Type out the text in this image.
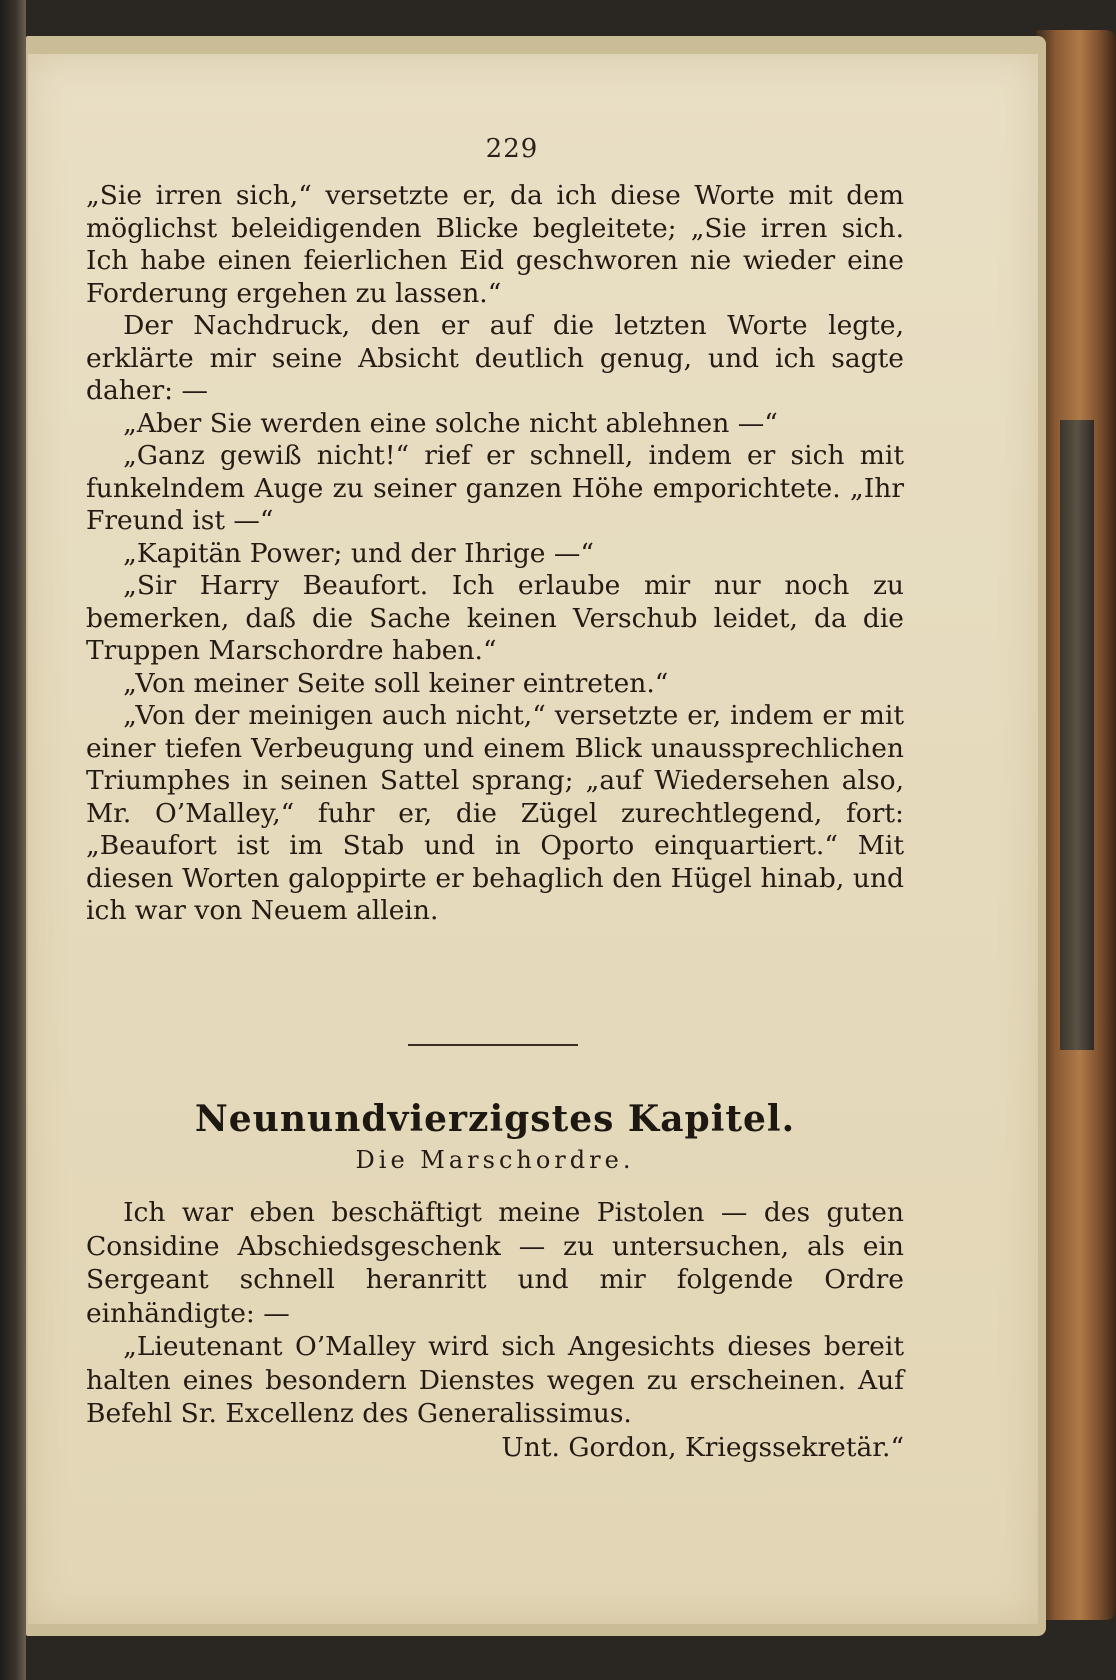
229

„Sie irren sich,“ versetzte er, da ich diese Worte mit dem möglichst beleidigenden Blicke begleitete; „Sie irren sich. Ich habe einen feierlichen Eid geschworen nie wieder eine Forderung ergehen zu lassen.“

Der Nachdruck, den er auf die letzten Worte legte, erklärte mir seine Absicht deutlich genug, und ich sagte daher: —

„Aber Sie werden eine solche nicht ablehnen —“

„Ganz gewiß nicht!“ rief er schnell, indem er sich mit funkelndem Auge zu seiner ganzen Höhe emporichtete. „Ihr Freund ist —“

„Kapitän Power; und der Ihrige —“

„Sir Harry Beaufort. Ich erlaube mir nur noch zu bemerken, daß die Sache keinen Verschub leidet, da die Truppen Marschordre haben.“

„Von meiner Seite soll keiner eintreten.“

„Von der meinigen auch nicht,“ versetzte er, indem er mit einer tiefen Verbeugung und einem Blick unaussprechlichen Triumphes in seinen Sattel sprang; „auf Wiedersehen also, Mr. O’Malley,“ fuhr er, die Zügel zurechtlegend, fort: „Beaufort ist im Stab und in Oporto einquartiert.“ Mit diesen Worten galoppirte er behaglich den Hügel hinab, und ich war von Neuem allein.

Neunundvierzigstes Kapitel.
Die Marschordre.

Ich war eben beschäftigt meine Pistolen — des guten Considine Abschiedsgeschenk — zu untersuchen, als ein Sergeant schnell heranritt und mir folgende Ordre einhändigte: —

„Lieutenant O’Malley wird sich Angesichts dieses bereit halten eines besondern Dienstes wegen zu erscheinen. Auf Befehl Sr. Excellenz des Generalissimus.

Unt. Gordon, Kriegssekretär.“
